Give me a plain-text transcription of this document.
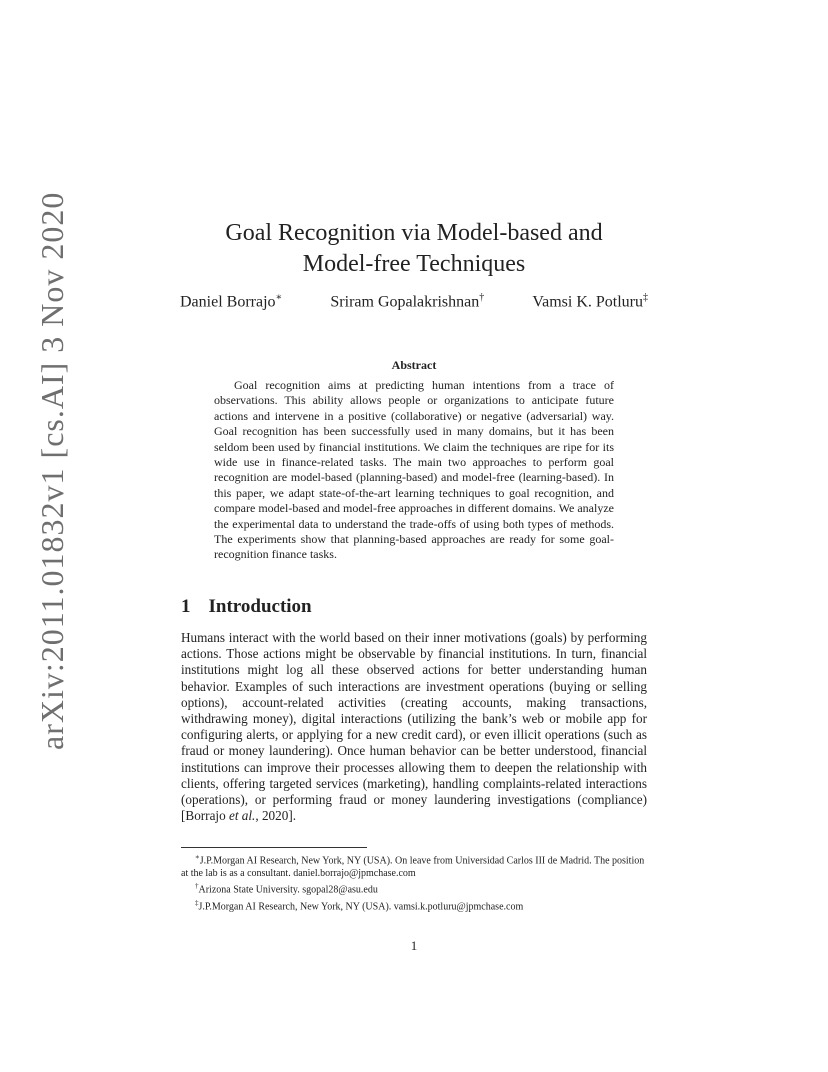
arXiv:2011.01832v1 [cs.AI] 3 Nov 2020	Goal Recognition via Model-based and
Model-free Techniques
Daniel Borrajo∗	Sriram Gopalakrishnan†	Vamsi K. Potluru‡
Abstract

Goal recognition aims at predicting human intentions from a trace of observations. This ability allows people or organizations to anticipate future actions and intervene in a positive (collaborative) or negative (adversarial) way. Goal recognition has been successfully used in many domains, but it has been seldom been used by financial institutions. We claim the techniques are ripe for its wide use in finance-related tasks. The main two approaches to perform goal recognition are model-based (planning-based) and model-free (learning-based). In this paper, we adapt state-of-the-art learning techniques to goal recognition, and compare model-based and model-free approaches in different domains. We analyze the experimental data to understand the trade-offs of using both types of methods. The experiments show that planning-based approaches are ready for some goal-recognition finance tasks.

1 Introduction

Humans interact with the world based on their inner motivations (goals) by performing actions. Those actions might be observable by financial institutions. In turn, financial institutions might log all these observed actions for better understanding human behavior. Examples of such interactions are investment operations (buying or selling options), account-related activities (creating accounts, making transactions, withdrawing money), digital interactions (utilizing the bank’s web or mobile app for configuring alerts, or applying for a new credit card), or even illicit operations (such as fraud or money laundering). Once human behavior can be better understood, financial institutions can improve their processes allowing them to deepen the relationship with clients, offering targeted services (marketing), handling complaints-related interactions (operations), or performing fraud or money laundering investigations (compliance) [Borrajo et al., 2020].

∗J.P.Morgan AI Research, New York, NY (USA). On leave from Universidad Carlos III de Madrid. The position at the lab is as a consultant. daniel.borrajo@jpmchase.com

†Arizona State University. sgopal28@asu.edu

‡J.P.Morgan AI Research, New York, NY (USA). vamsi.k.potluru@jpmchase.com

1
